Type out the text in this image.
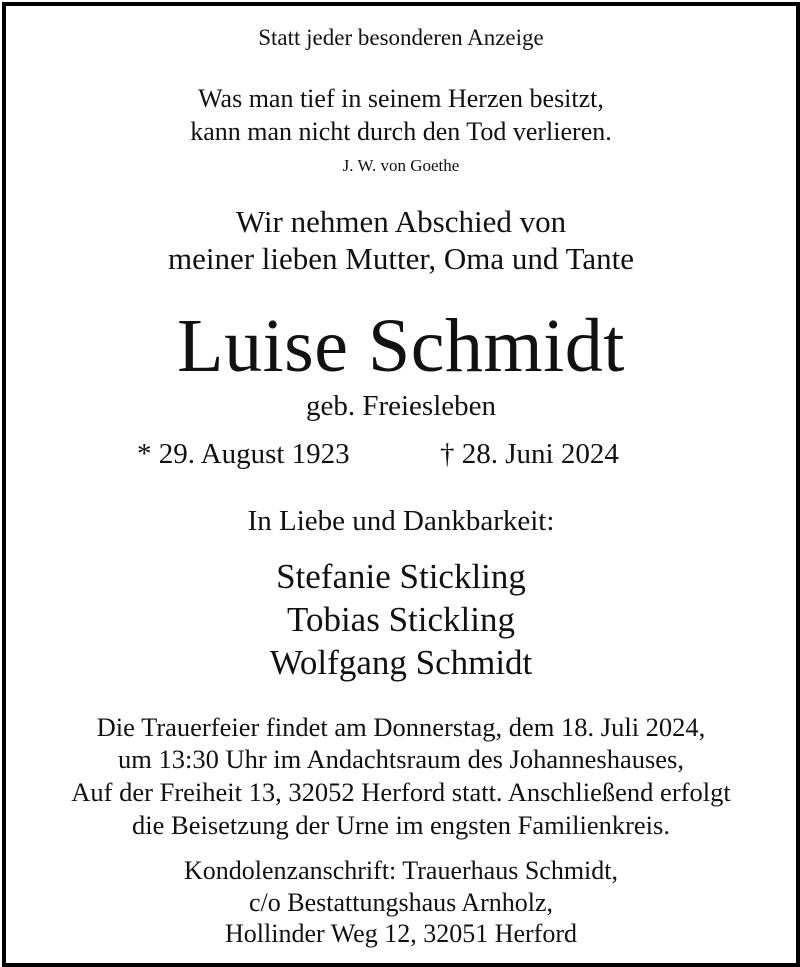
Statt jeder besonderen Anzeige
Was man tief in seinem Herzen besitzt,
kann man nicht durch den Tod verlieren.
J. W. von Goethe
Wir nehmen Abschied von
meiner lieben Mutter, Oma und Tante
Luise Schmidt
geb. Freiesleben
* 29. August 1923	† 28. Juni 2024
In Liebe und Dankbarkeit:
Stefanie Stickling
Tobias Stickling
Wolfgang Schmidt
Die Trauerfeier findet am Donnerstag, dem 18. Juli 2024,
um 13:30 Uhr im Andachtsraum des Johanneshauses,
Auf der Freiheit 13, 32052 Herford statt. Anschließend erfolgt
die Beisetzung der Urne im engsten Familienkreis.
Kondolenzanschrift: Trauerhaus Schmidt,
c/o Bestattungshaus Arnholz,
Hollinder Weg 12, 32051 Herford
